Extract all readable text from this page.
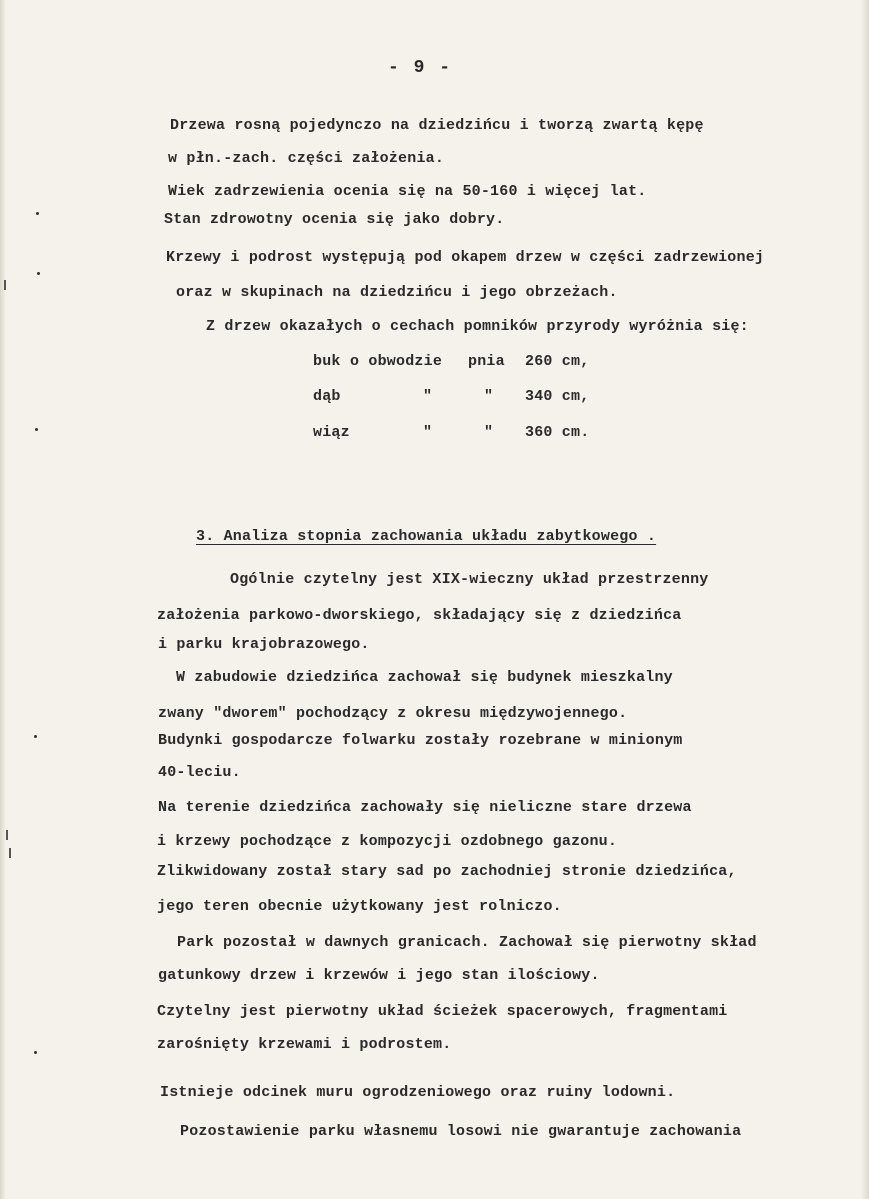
- 9 -
Drzewa rosną pojedynczo na dziedzińcu i tworzą zwartą kępę
w płn.-zach. części założenia.
Wiek zadrzewienia ocenia się na 50-160 i więcej lat.
Stan zdrowotny ocenia się jako dobry.
Krzewy i podrost występują pod okapem drzew w części zadrzewionej
oraz w skupinach na dziedzińcu i jego obrzeżach.
Z drzew okazałych o cechach pomników przyrody wyróżnia się:
buk o obwodzie pnia 260 cm,
dąb	"	" 340 cm,
wiąz	"	" 360 cm.
3. Analiza stopnia zachowania układu zabytkowego .
Ogólnie czytelny jest XIX-wieczny układ przestrzenny
założenia parkowo-dworskiego, składający się z dziedzińca
i parku krajobrazowego.
W zabudowie dziedzińca zachował się budynek mieszkalny
zwany "dworem" pochodzący z okresu międzywojennego.
Budynki gospodarcze folwarku zostały rozebrane w minionym
40-leciu.
Na terenie dziedzińca zachowały się nieliczne stare drzewa
i krzewy pochodzące z kompozycji ozdobnego gazonu.
Zlikwidowany został stary sad po zachodniej stronie dziedzińca,
jego teren obecnie użytkowany jest rolniczo.
Park pozostał w dawnych granicach. Zachował się pierwotny skład
gatunkowy drzew i krzewów i jego stan ilościowy.
Czytelny jest pierwotny układ ścieżek spacerowych, fragmentami
zarośnięty krzewami i podrostem.
Istnieje odcinek muru ogrodzeniowego oraz ruiny lodowni.
Pozostawienie parku własnemu losowi nie gwarantuje zachowania
